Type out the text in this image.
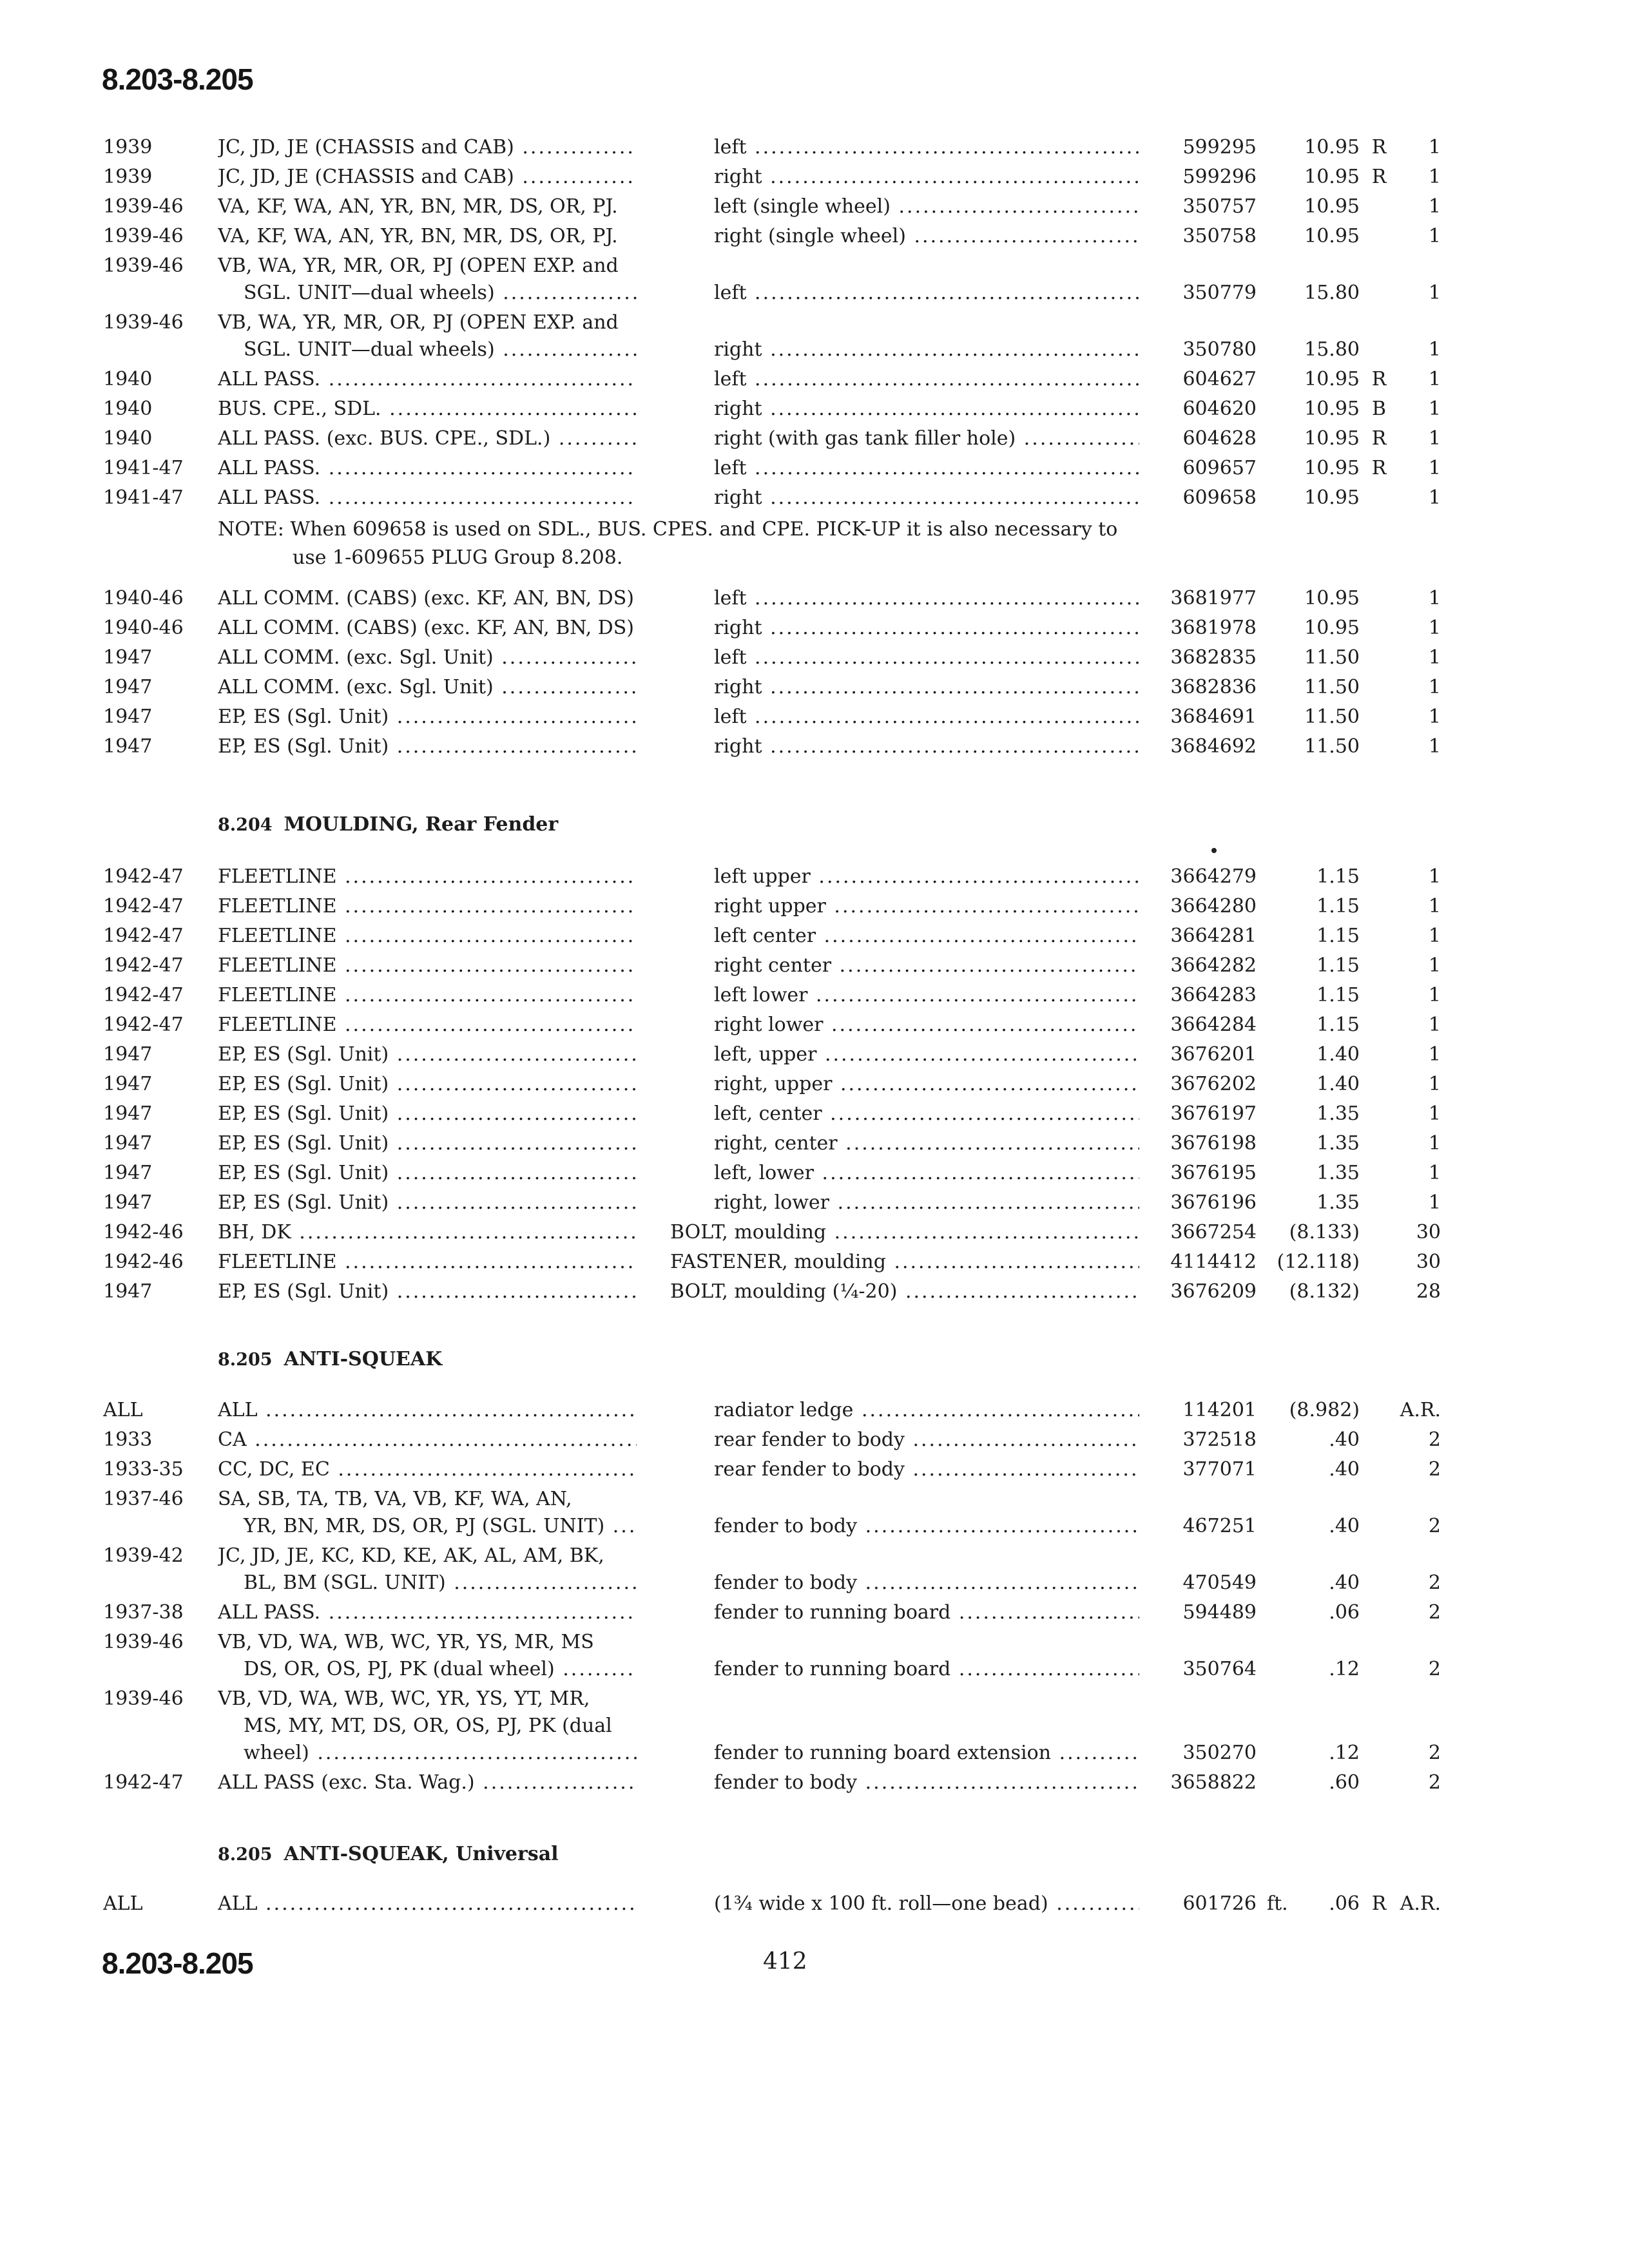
8.203-8.205
1939	JC, JD, JE (CHASSIS and CAB) .....	left .....	599295	10.95 R	1
1939	JC, JD, JE (CHASSIS and CAB) .....	right .....	599296	10.95 R	1
1939-46	VA, KF, WA, AN, YR, BN, MR, DS, OR, PJ.	left (single wheel) .....	350757	10.95	1
1939-46	VA, KF, WA, AN, YR, BN, MR, DS, OR, PJ.	right (single wheel) .....	350758	10.95	1
1939-46	VB, WA, YR, MR, OR, PJ (OPEN EXP. and
SGL. UNIT—dual wheels) .....	left .....	350779	15.80	1
1939-46	VB, WA, YR, MR, OR, PJ (OPEN EXP. and
SGL. UNIT—dual wheels) .....	right .....	350780	15.80	1
1940	ALL PASS. .....	left .....	604627	10.95 R	1
1940	BUS. CPE., SDL. .....	right .....	604620	10.95 B	1
1940	ALL PASS. (exc. BUS. CPE., SDL.) .....	right (with gas tank filler hole) .....	604628	10.95 R	1
1941-47	ALL PASS. .....	left .....	609657	10.95 R	1
1941-47	ALL PASS. .....	right .....	609658	10.95	1
NOTE: When 609658 is used on SDL., BUS. CPES. and CPE. PICK-UP it is also necessary to
use 1-609655 PLUG Group 8.208.
1940-46	ALL COMM. (CABS) (exc. KF, AN, BN, DS)	left .....	3681977	10.95	1
1940-46	ALL COMM. (CABS) (exc. KF, AN, BN, DS)	right .....	3681978	10.95	1
1947	ALL COMM. (exc. Sgl. Unit) .....	left .....	3682835	11.50	1
1947	ALL COMM. (exc. Sgl. Unit) .....	right .....	3682836	11.50	1
1947	EP, ES (Sgl. Unit) .....	left .....	3684691	11.50	1
1947	EP, ES (Sgl. Unit) .....	right .....	3684692	11.50	1
8.204 MOULDING, Rear Fender
1942-47	FLEETLINE .....	left upper .....	3664279	1.15	1
1942-47	FLEETLINE .....	right upper .....	3664280	1.15	1
1942-47	FLEETLINE .....	left center .....	3664281	1.15	1
1942-47	FLEETLINE .....	right center .....	3664282	1.15	1
1942-47	FLEETLINE .....	left lower .....	3664283	1.15	1
1942-47	FLEETLINE .....	right lower .....	3664284	1.15	1
1947	EP, ES (Sgl. Unit) .....	left, upper .....	3676201	1.40	1
1947	EP, ES (Sgl. Unit) .....	right, upper .....	3676202	1.40	1
1947	EP, ES (Sgl. Unit) .....	left, center .....	3676197	1.35	1
1947	EP, ES (Sgl. Unit) .....	right, center .....	3676198	1.35	1
1947	EP, ES (Sgl. Unit) .....	left, lower .....	3676195	1.35	1
1947	EP, ES (Sgl. Unit) .....	right, lower .....	3676196	1.35	1
1942-46	BH, DK .....	BOLT, moulding .....	3667254	(8.133)	30
1942-46	FLEETLINE .....	FASTENER, moulding .....	4114412	(12.118)	30
1947	EP, ES (Sgl. Unit) .....	BOLT, moulding (¼-20) .....	3676209	(8.132)	28
8.205 ANTI-SQUEAK
ALL	ALL .....	radiator ledge .....	114201	(8.982)	A.R.
1933	CA .....	rear fender to body .....	372518	.40	2
1933-35	CC, DC, EC .....	rear fender to body .....	377071	.40	2
1937-46	SA, SB, TA, TB, VA, VB, KF, WA, AN,
YR, BN, MR, DS, OR, PJ (SGL. UNIT) .....	fender to body .....	467251	.40	2
1939-42	JC, JD, JE, KC, KD, KE, AK, AL, AM, BK,
BL, BM (SGL. UNIT) .....	fender to body .....	470549	.40	2
1937-38	ALL PASS. .....	fender to running board .....	594489	.06	2
1939-46	VB, VD, WA, WB, WC, YR, YS, MR, MS
DS, OR, OS, PJ, PK (dual wheel) .....	fender to running board .....	350764	.12	2
1939-46	VB, VD, WA, WB, WC, YR, YS, YT, MR,
MS, MY, MT, DS, OR, OS, PJ, PK (dual
wheel) .....	fender to running board extension .....	350270	.12	2
1942-47	ALL PASS (exc. Sta. Wag.) .....	fender to body .....	3658822	.60	2
8.205 ANTI-SQUEAK, Universal
ALL	ALL .....	(1¾ wide x 100 ft. roll—one bead) .....	601726 ft.	.06 R A.R.
8.203-8.205	412
